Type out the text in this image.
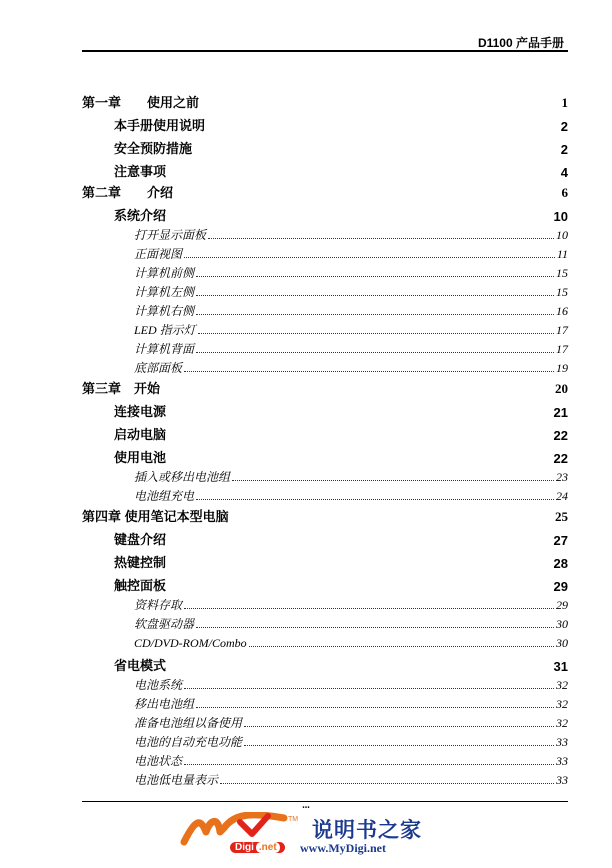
D1100 产品手册
第一章　　使用之前	1
本手册使用说明	2
安全预防措施	2
注意事项	4
第二章　　介绍	6
系统介绍	10
打开显示面板	10
正面视图	11
计算机前侧	15
计算机左侧	15
计算机右侧	16
LED 指示灯	17
计算机背面	17
底部面板	19
第三章　开始	20
连接电源	21
启动电脑	22
使用电池	22
插入或移出电池组	23
电池组充电	24
第四章 使用笔记本型电脑	25
键盘介绍	27
热键控制	28
触控面板	29
资料存取	29
软盘驱动器	30
CD/DVD-ROM/Combo	30
省电模式	31
电池系统	32
移出电池组	32
准备电池组以备使用	32
电池的自动充电功能	33
电池状态	33
电池低电量表示	33
...
TM
Digi .net
说明书之家
www.MyDigi.net
